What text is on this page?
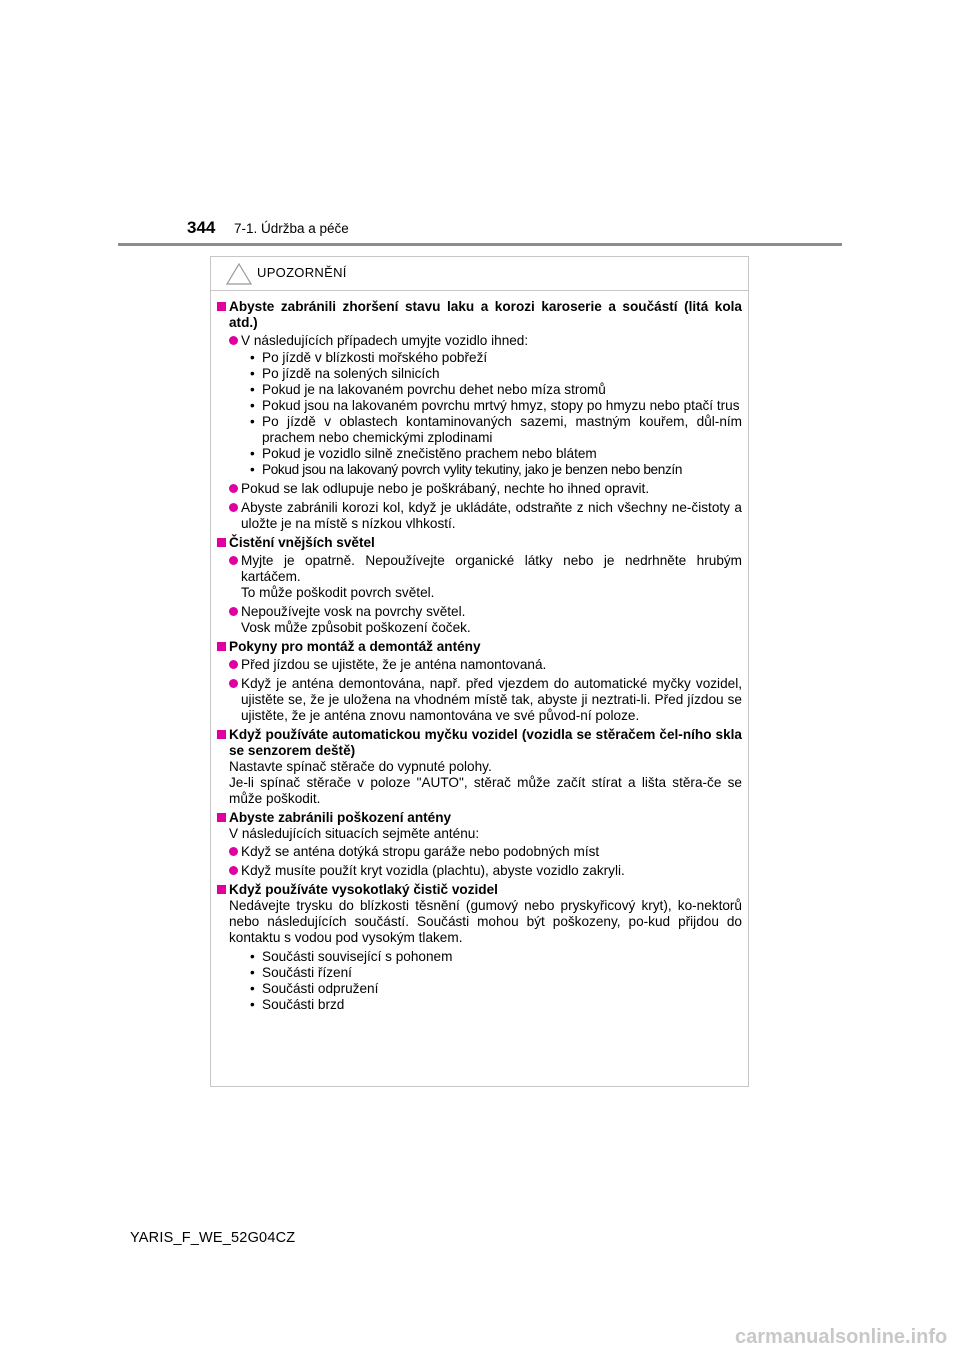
344 7-1. Údržba a péče
UPOZORNĚNÍ
Abyste zabránili zhoršení stavu laku a korozi karoserie a součástí (litá kola atd.)
V následujících případech umyjte vozidlo ihned:
• Po jízdě v blízkosti mořského pobřeží
• Po jízdě na solených silnicích
• Pokud je na lakovaném povrchu dehet nebo míza stromů
• Pokud jsou na lakovaném povrchu mrtvý hmyz, stopy po hmyzu nebo ptačí trus
• Po jízdě v oblastech kontaminovaných sazemi, mastným kouřem, důl-ním prachem nebo chemickými zplodinami
• Pokud je vozidlo silně znečistěno prachem nebo blátem
• Pokud jsou na lakovaný povrch vylity tekutiny, jako je benzen nebo benzín
Pokud se lak odlupuje nebo je poškrábaný, nechte ho ihned opravit.
Abyste zabránili korozi kol, když je ukládáte, odstraňte z nich všechny ne-čistoty a uložte je na místě s nízkou vlhkostí.
Čistění vnějších světel
Myjte je opatrně. Nepoužívejte organické látky nebo je nedrhněte hrubým kartáčem.
To může poškodit povrch světel.
Nepoužívejte vosk na povrchy světel.
Vosk může způsobit poškození čoček.
Pokyny pro montáž a demontáž antény
Před jízdou se ujistěte, že je anténa namontovaná.
Když je anténa demontována, např. před vjezdem do automatické myčky vozidel, ujistěte se, že je uložena na vhodném místě tak, abyste ji neztrati-li. Před jízdou se ujistěte, že je anténa znovu namontována ve své původ-ní poloze.
Když používáte automatickou myčku vozidel (vozidla se stěračem čel-ního skla se senzorem deště)
Nastavte spínač stěrače do vypnuté polohy.
Je-li spínač stěrače v poloze "AUTO", stěrač může začít stírat a lišta stěra-če se může poškodit.
Abyste zabránili poškození antény
V následujících situacích sejměte anténu:
Když se anténa dotýká stropu garáže nebo podobných míst
Když musíte použít kryt vozidla (plachtu), abyste vozidlo zakryli.
Když používáte vysokotlaký čistič vozidel
Nedávejte trysku do blízkosti těsnění (gumový nebo pryskyřicový kryt), ko-nektorů nebo následujících součástí. Součásti mohou být poškozeny, po-kud přijdou do kontaktu s vodou pod vysokým tlakem.
• Součásti související s pohonem
• Součásti řízení
• Součásti odpružení
• Součásti brzd
YARIS_F_WE_52G04CZ
carmanualsonline.info
